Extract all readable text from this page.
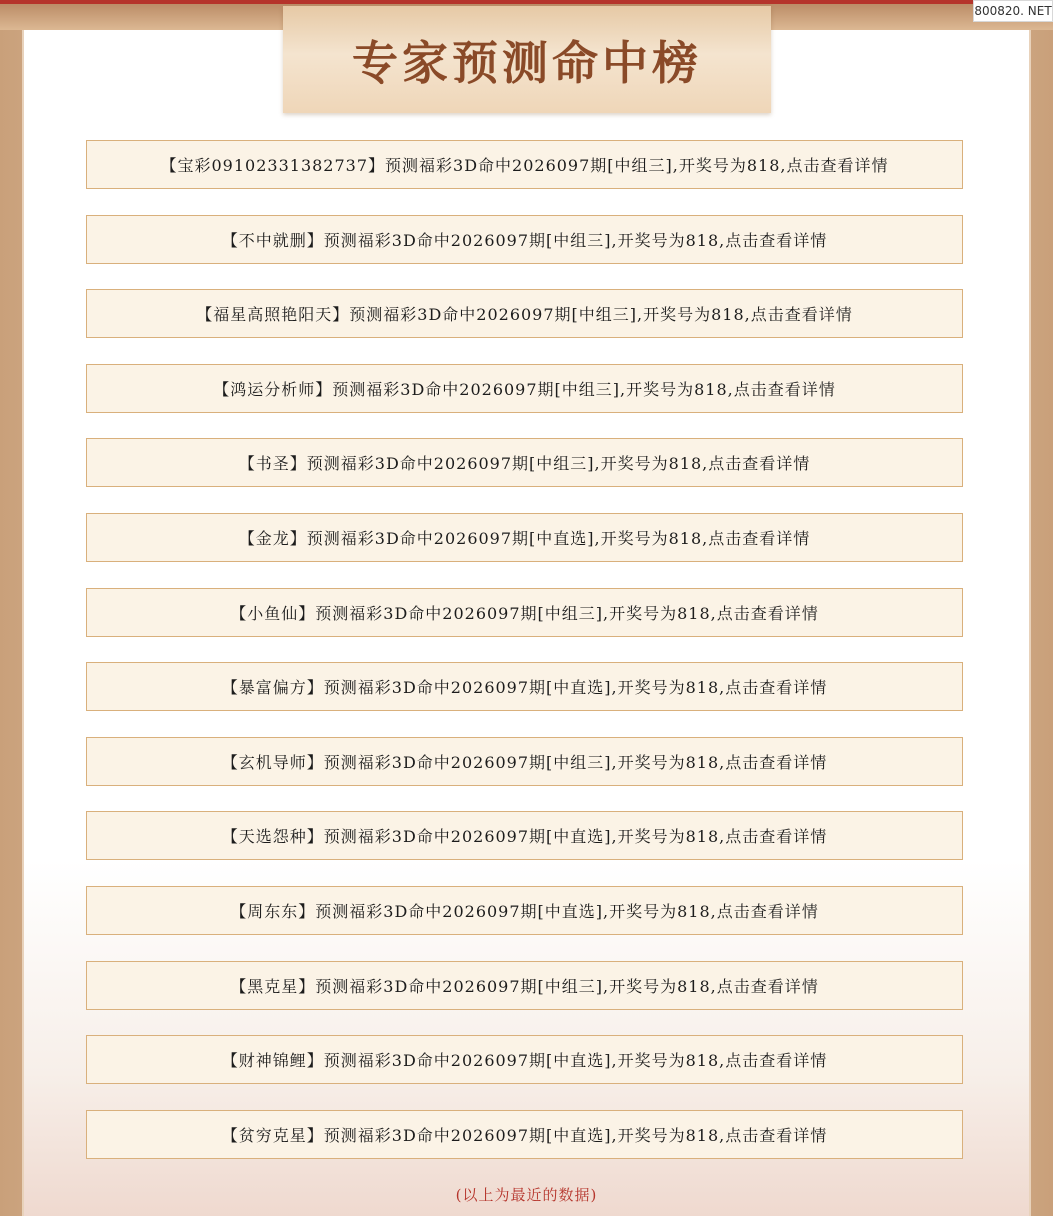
专家预测命中榜
800820. NET
【宝彩09102331382737】预测福彩3D命中2026097期[中组三],开奖号为818,点击查看详情
【不中就删】预测福彩3D命中2026097期[中组三],开奖号为818,点击查看详情
【福星高照艳阳天】预测福彩3D命中2026097期[中组三],开奖号为818,点击查看详情
【鸿运分析师】预测福彩3D命中2026097期[中组三],开奖号为818,点击查看详情
【书圣】预测福彩3D命中2026097期[中组三],开奖号为818,点击查看详情
【金龙】预测福彩3D命中2026097期[中直选],开奖号为818,点击查看详情
【小鱼仙】预测福彩3D命中2026097期[中组三],开奖号为818,点击查看详情
【暴富偏方】预测福彩3D命中2026097期[中直选],开奖号为818,点击查看详情
【玄机导师】预测福彩3D命中2026097期[中组三],开奖号为818,点击查看详情
【天选怨种】预测福彩3D命中2026097期[中直选],开奖号为818,点击查看详情
【周东东】预测福彩3D命中2026097期[中直选],开奖号为818,点击查看详情
【黑克星】预测福彩3D命中2026097期[中组三],开奖号为818,点击查看详情
【财神锦鲤】预测福彩3D命中2026097期[中直选],开奖号为818,点击查看详情
【贫穷克星】预测福彩3D命中2026097期[中直选],开奖号为818,点击查看详情
(以上为最近的数据)
